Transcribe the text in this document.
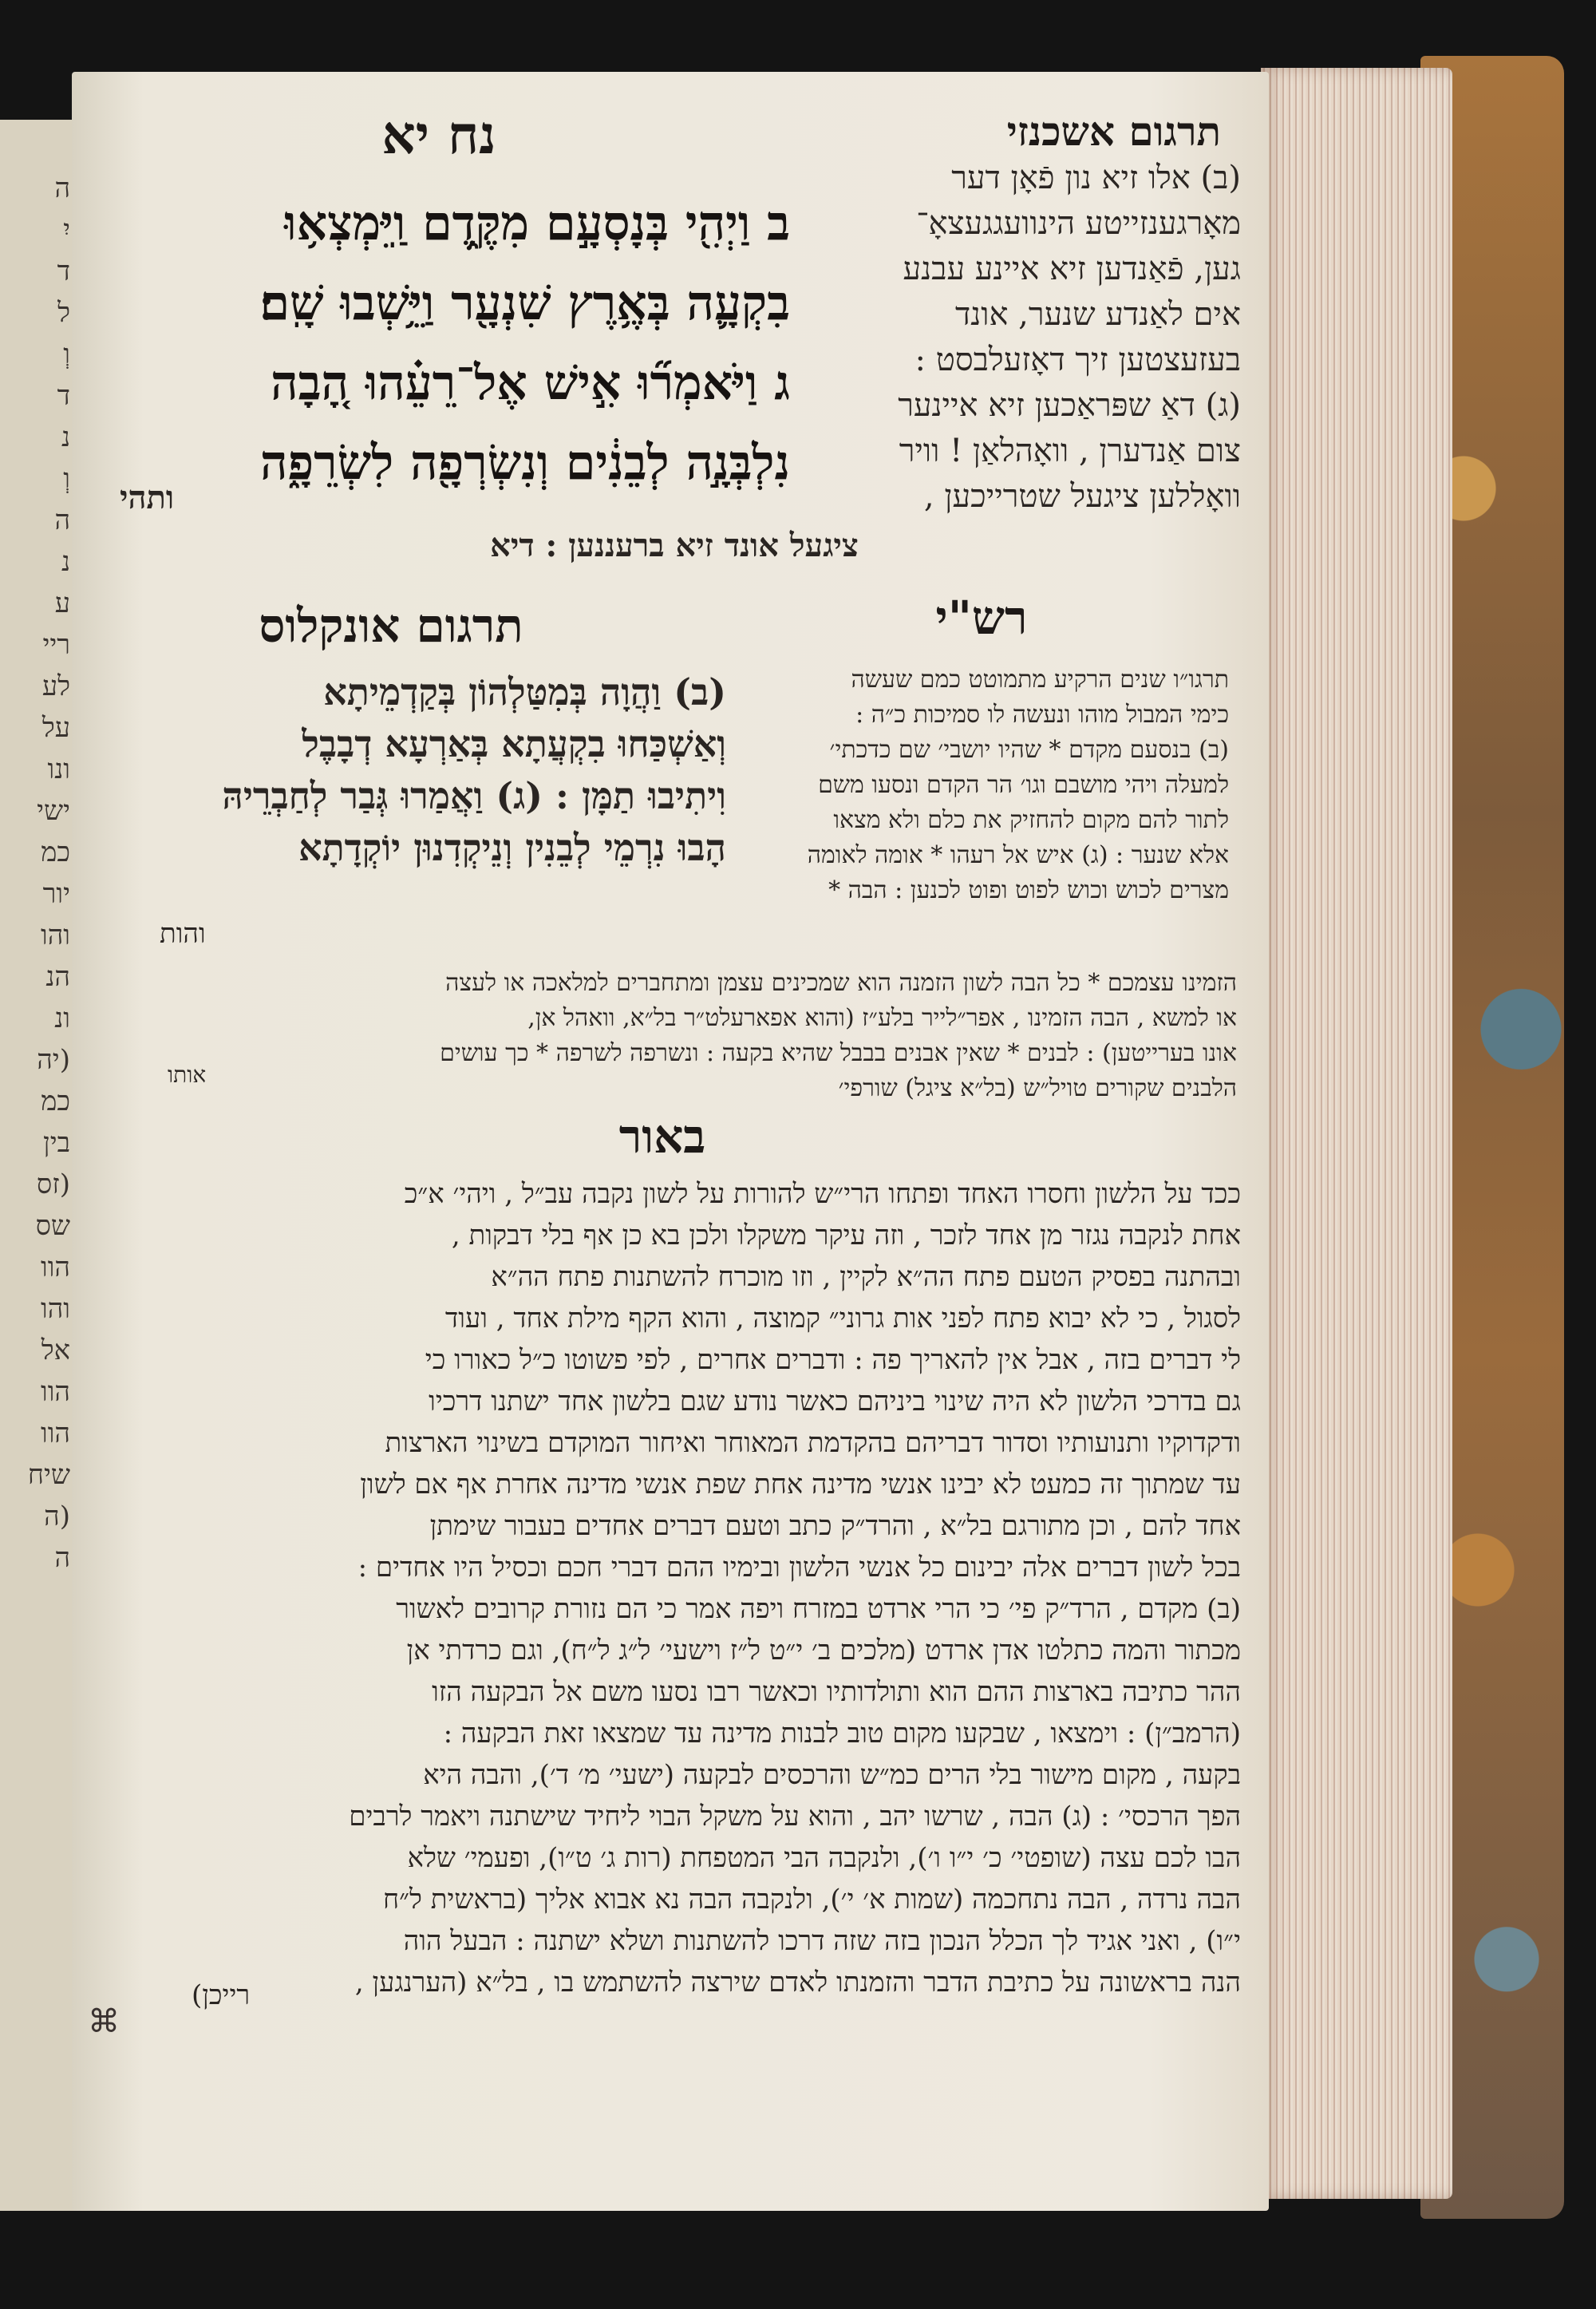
ה
יִ
ד
ל
וְ
ד
נ
וְ
ה
נ
ע
ריי
לע
על
ונו
ישי
כמ
יור
והו
הנ
ונ
(יה
כמ
בין
(זס
שס
הוו
והו
אל
הוו
הוו
שיח
(ה
ה
נח יא	תרגום אשכנזי
ב וַיְהִ֖י בְּנָסְעָ֣ם מִקֶּ֑דֶם וַֽיִּמְצְא֥וּ
בִקְעָ֛ה בְּאֶ֥רֶץ שִׁנְעָ֖ר וַיֵּ֥שְׁבוּ שָֽׁם׃
ג וַיֹּאמְר֞וּ אִ֣ישׁ אֶל־רֵעֵ֗הוּ הָ֚בָה
נִלְבְּנָ֣ה לְבֵנִ֔ים וְנִשְׂרְפָ֖ה לִשְׂרֵפָ֑ה
ותהי
(ב) אלו זיא נון פֿאָן דער
מאָרגענזייטע הינוועגגעצאָ־
גען, פֿאַנדען זיא איינע עבנע
אים לאַנדע שנער, אונד
בעזעצטען זיך דאָזעלבסט :
(ג) דאַ שפּראַכען זיא איינער
צום אַנדערן , וואָהלאַן ! וויר
וואָללען ציגעל שטרייכען ,
ציגעל אונד זיא ברעננען : דיא
רש"י
תרגום אונקלוס
(ב) וַהֲוָה בְּמִטַּלְהוֹן בְּקַדְמֵיתָא
וְאַשְׁכַּחוּ בִקְעֲתָא בְּאַרְעָא דְבָבֶל
וִיתִיבוּ תַמָּן : (ג) וַאֲמַרוּ גְּבַר לְחַבְרֵיהּ
הָבוּ נִרְמֵי לְבֵנִין וְנֵיקְדִנוּן יוֹקְדָתָא
והות
תרגו״ו שנים הרקיע מתמוטט כמם שעשה
כימי המבול מוהו ונעשה לו סמיכות כ״ה :
(ב) בנסעם מקדם * שהיו יושבי׳ שם כדכתי׳
למעלה ויהי מושבם וגו׳ הר הקדם ונסעו משם
לתור להם מקום להחזיק את כלם ולא מצאו
אלא שנער : (ג) איש אל רעהו * אומה לאומה
מצרים לכוש וכוש לפוט ופוט לכנען : הבה *
הזמינו עצמכם * כל הבה לשון הזמנה הוא שמכינים עצמן ומתחברים למלאכה או לעצה
או למשא , הבה הזמינו , אפר״לייר בלע״ז (והוא אפארעלט״ר בל״א, וואהל אן,
אונו בערייטען) : לבנים * שאין אבנים בבבל שהיא בקעה : ונשרפה לשרפה * כך עושים
הלבנים שקורים טויל״ש (בל״א ציגל) שורפי׳
אותו
באור
ככד על הלשון וחסרו האחד ופתחו הרי״ש להורות על לשון נקבה עב״ל , ויהי׳ א״כ
אחת לנקבה נגזר מן אחד לזכר , וזה עיקר משקלו ולכן בא כן אף בלי דבקות ,
ובהתנה בפסיק הטעם פתח הה״א לקיין , וזו מוכרח להשתנות פתח הה״א
לסגול , כי לא יבוא פתח לפני אות גרוני״ קמוצה , והוא הקף מילת אחד , ועוד
לי דברים בזה , אבל אין להאריך פה : ודברים אחרים , לפי פשוטו כ״ל כאורו כי
גם בדרכי הלשון לא היה שינוי ביניהם כאשר נודע שגם בלשון אחד ישתנו דרכיו
ודקדוקיו ותנועותיו וסדור דבריהם בהקדמת המאוחר ואיחור המוקדם בשינוי הארצות
עד שמתוך זה כמעט לא יבינו אנשי מדינה אחת שפת אנשי מדינה אחרת אף אם לשון
אחד להם , וכן מתורגם בל״א , והרד״ק כתב וטעם דברים אחדים בעבור שימתן
בכל לשון דברים אלה יבינום כל אנשי הלשון ובימיו ההם דברי חכם וכסיל היו אחדים :
(ב) מקדם , הרד״ק פי׳ כי הרי ארדט במזרח ויפה אמר כי הם נזורת קרובים לאשור
מכתור והמה כתלטו אדן ארדט (מלכים ב׳ י״ט ל״ז וישעי׳ ל״ג ל״ח), וגם כרדתי אן
ההר כתיבה בארצות ההם הוא ותולדותיו וכאשר רבו נסעו משם אל הבקעה הזו
(הרמב״ן) : וימצאו , שבקעו מקום טוב לבנות מדינה עד שמצאו זאת הבקעה :
בקעה , מקום מישור בלי הרים כמ״ש והרכסים לבקעה (ישעי׳ מ׳ ד׳), והבה היא
הפך הרכסי׳ : (ג) הבה , שרשו יהב , והוא על משקל הבוי ליחיד שישתנה ויאמר לרבים
הבו לכם עצה (שופטי׳ כ׳ י״ו ו׳), ולנקבה הבי המטפחת (רות ג׳ ט״ו), ופעמי׳ שלא
הבה נרדה , הבה נתחכמה (שמות א׳ י׳), ולנקבה הבה נא אבוא אליך (בראשית ל״ח
י״ו) , ואני אגיד לך הכלל הנכון בזה שזה דרכו להשתנות ושלא ישתנה : הבעל הוה
הנה בראשונה על כתיבת הדבר והזמנתו לאדם שירצה להשתמש בו , בל״א (הערנגען ,
רייכן)
⌘
